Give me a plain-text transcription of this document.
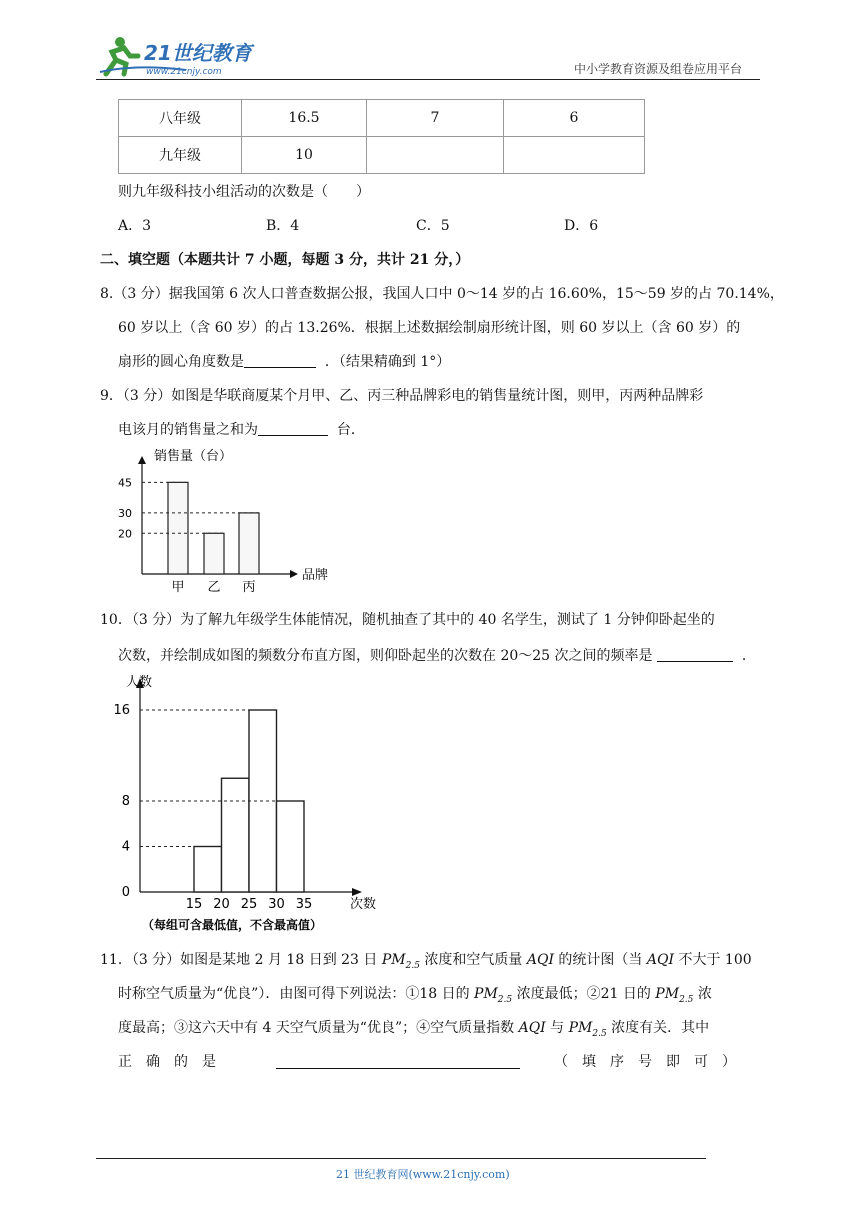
21世纪教育
www.21cnjy.com	中小学教育资源及组卷应用平台
八年级	16.5	7	6
九年级	10		
则九年级科技小组活动的次数是（　　）
A．3	B．4	C．5	D．6
二、填空题（本题共计 7 小题，每题 3 分，共计 21 分，）
8.（3 分）据我国第 6 次人口普查数据公报，我国人口中 0～14 岁的占 16.60%，15～59 岁的占 70.14%，
60 岁以上（含 60 岁）的占 13.26%．根据上述数据绘制扇形统计图，则 60 岁以上（含 60 岁）的
扇形的圆心角度数是	．（结果精确到 1°）
9．（3 分）如图是华联商厦某个月甲、乙、丙三种品牌彩电的销售量统计图，则甲，丙两种品牌彩
电该月的销售量之和为	台．
销售量（台）
品牌
甲 乙 丙
20
30
45
10．（3 分）为了解九年级学生体能情况，随机抽查了其中的 40 名学生，测试了 1 分钟仰卧起坐的
次数，并绘制成如图的频数分布直方图，则仰卧起坐的次数在 20～25 次之间的频率是	．
人数
次数
0
4
8
16
15 20 25 30 35
（每组可含最低值，不含最高值）
11．（3 分）如图是某地 2 月 18 日到 23 日 $PM_{2.5}$ 浓度和空气质量 AQI 的统计图（当 AQI 不大于 100
时称空气质量为“优良”）．由图可得下列说法：①18 日的 $PM_{2.5}$ 浓度最低；②21 日的 $PM_{2.5}$ 浓
度最高；③这六天中有 4 天空气质量为“优良”；④空气质量指数 AQI 与 $PM_{2.5}$ 浓度有关．其中
正　确　的　是	（　填　序　号　即　可　）
21 世纪教育网(www.21cnjy.com)
